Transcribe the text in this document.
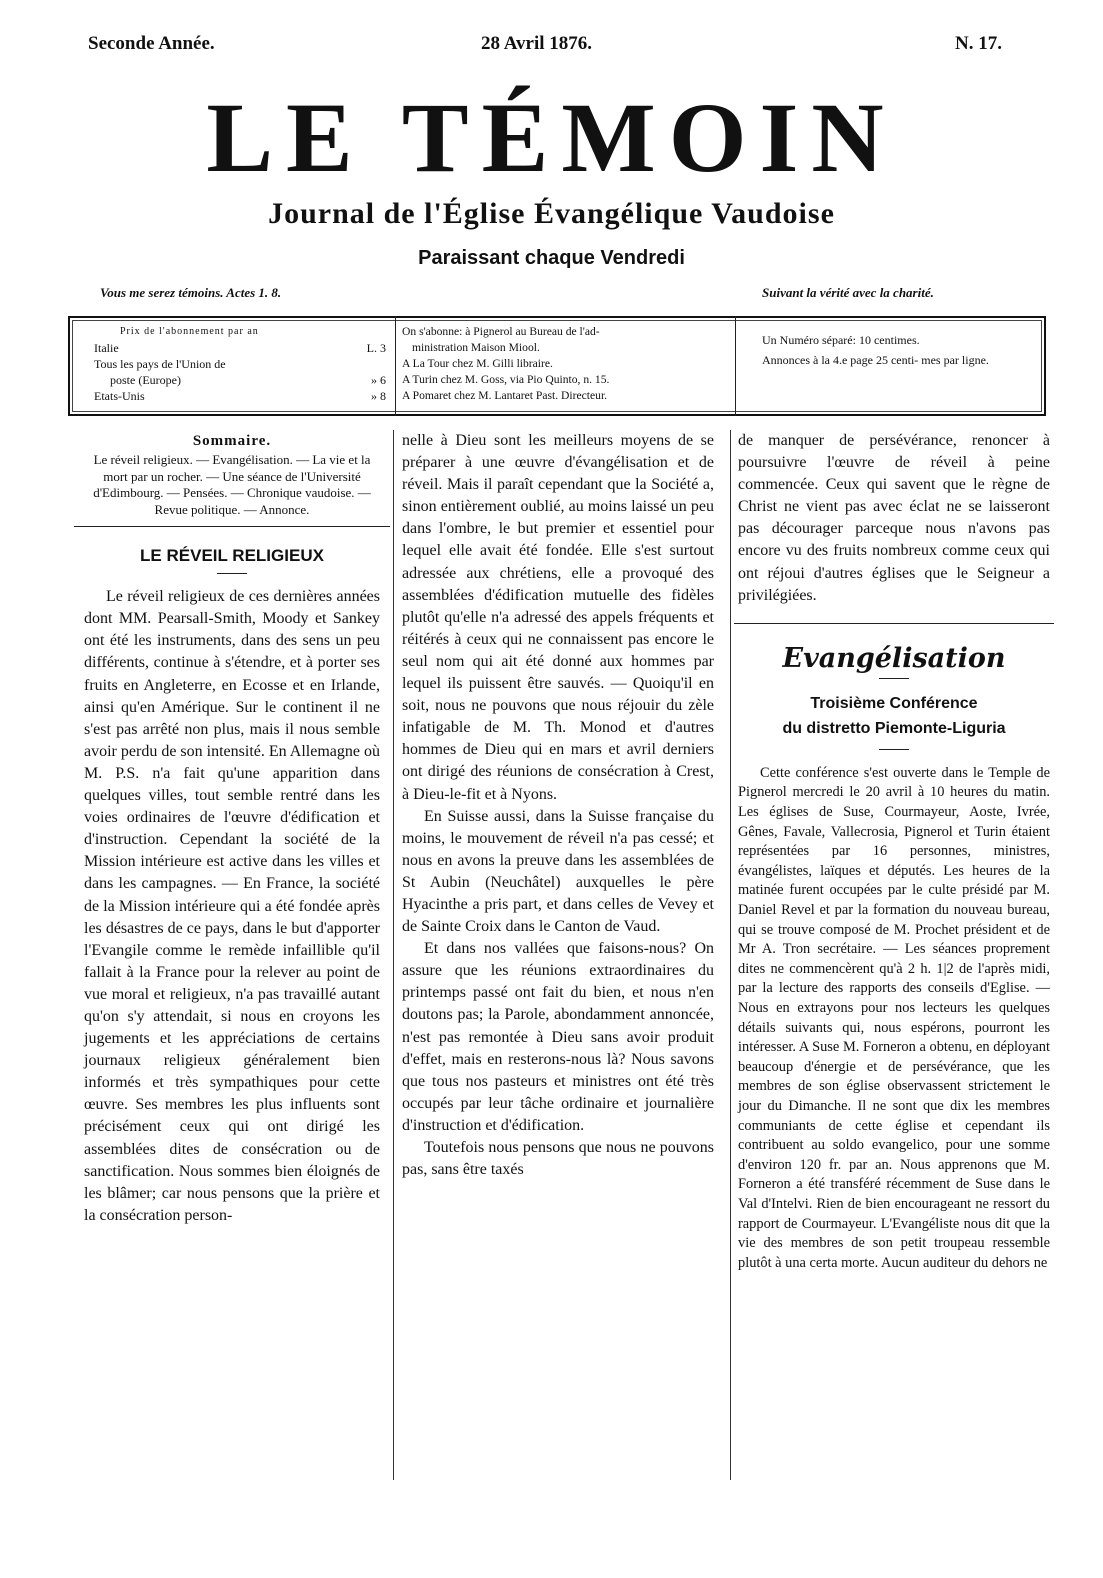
Seconde Année.	28 Avril 1876.	N. 17.
LE TÉMOIN
Journal de l'Église Évangélique Vaudoise
Paraissant chaque Vendredi
Vous me serez témoins. Actes 1. 8.	Suivant la vérité avec la charité.
Prix de l'abonnement par an
Italie	L. 3
Tous les pays de l'Union de
poste (Europe)	» 6
Etats-Unis	» 8
On s'abonne: à Pignerol au Bureau de l'ad-
ministration Maison Miool.
A La Tour chez M. Gilli libraire.
A Turin chez M. Goss, via Pio Quinto, n. 15.
A Pomaret chez M. Lantaret Past. Directeur.
Un Numéro séparé: 10 centimes.
Annonces à la 4.e page 25 centi- mes par ligne.
Sommaire.
Le réveil religieux. — Evangélisation. — La vie et la mort par un rocher. — Une séance de l'Université d'Edimbourg. — Pensées. — Chronique vaudoise. — Revue politique. — Annonce.
LE RÉVEIL RELIGIEUX

Le réveil religieux de ces dernières années dont MM. Pearsall-Smith, Moody et Sankey ont été les instruments, dans des sens un peu différents, continue à s'étendre, et à porter ses fruits en Angleterre, en Ecosse et en Irlande, ainsi qu'en Amérique. Sur le continent il ne s'est pas arrêté non plus, mais il nous semble avoir perdu de son intensité. En Allemagne où M. P.S. n'a fait qu'une apparition dans quelques villes, tout semble rentré dans les voies ordinaires de l'œuvre d'édification et d'instruction. Cependant la société de la Mission intérieure est active dans les villes et dans les campagnes. — En France, la société de la Mission intérieure qui a été fondée après les désastres de ce pays, dans le but d'apporter l'Evangile comme le remède infaillible qu'il fallait à la France pour la relever au point de vue moral et religieux, n'a pas travaillé autant qu'on s'y attendait, si nous en croyons les jugements et les appréciations de certains journaux religieux généralement bien informés et très sympathiques pour cette œuvre. Ses membres les plus influents sont précisément ceux qui ont dirigé les assemblées dites de consécration ou de sanctification. Nous sommes bien éloignés de les blâmer; car nous pensons que la prière et la consécration person-

nelle à Dieu sont les meilleurs moyens de se préparer à une œuvre d'évangélisation et de réveil. Mais il paraît cependant que la Société a, sinon entièrement oublié, au moins laissé un peu dans l'ombre, le but premier et essentiel pour lequel elle avait été fondée. Elle s'est surtout adressée aux chrétiens, elle a provoqué des assemblées d'édification mutuelle des fidèles plutôt qu'elle n'a adressé des appels fréquents et réitérés à ceux qui ne connaissent pas encore le seul nom qui ait été donné aux hommes par lequel ils puissent être sauvés. — Quoiqu'il en soit, nous ne pouvons que nous réjouir du zèle infatigable de M. Th. Monod et d'autres hommes de Dieu qui en mars et avril derniers ont dirigé des réunions de consécration à Crest, à Dieu-le-fit et à Nyons.

En Suisse aussi, dans la Suisse française du moins, le mouvement de réveil n'a pas cessé; et nous en avons la preuve dans les assemblées de St Aubin (Neuchâtel) auxquelles le père Hyacinthe a pris part, et dans celles de Vevey et de Sainte Croix dans le Canton de Vaud.

Et dans nos vallées que faisons-nous? On assure que les réunions extraordinaires du printemps passé ont fait du bien, et nous n'en doutons pas; la Parole, abondamment annoncée, n'est pas remontée à Dieu sans avoir produit d'effet, mais en resterons-nous là? Nous savons que tous nos pasteurs et ministres ont été très occupés par leur tâche ordinaire et journalière d'instruction et d'édification.

Toutefois nous pensons que nous ne pouvons pas, sans être taxés

de manquer de persévérance, renoncer à poursuivre l'œuvre de réveil à peine commencée. Ceux qui savent que le règne de Christ ne vient pas avec éclat ne se laisseront pas décourager parceque nous n'avons pas encore vu des fruits nombreux comme ceux qui ont réjoui d'autres églises que le Seigneur a privilégiées.

Evangélisation
Troisième Conférence
du distretto Piemonte-Liguria

Cette conférence s'est ouverte dans le Temple de Pignerol mercredi le 20 avril à 10 heures du matin. Les églises de Suse, Courmayeur, Aoste, Ivrée, Gênes, Favale, Vallecrosia, Pignerol et Turin étaient représentées par 16 personnes, ministres, évangélistes, laïques et députés. Les heures de la matinée furent occupées par le culte présidé par M. Daniel Revel et par la formation du nouveau bureau, qui se trouve composé de M. Prochet président et de Mr A. Tron secrétaire. — Les séances proprement dites ne commencèrent qu'à 2 h. 1|2 de l'après midi, par la lecture des rapports des conseils d'Eglise. — Nous en extrayons pour nos lecteurs les quelques détails suivants qui, nous espérons, pourront les intéresser. A Suse M. Forneron a obtenu, en déployant beaucoup d'énergie et de persévérance, que les membres de son église observassent strictement le jour du Dimanche. Il ne sont que dix les membres communiants de cette église et cependant ils contribuent au soldo evangelico, pour une somme d'environ 120 fr. par an. Nous apprenons que M. Forneron a été transféré récemment de Suse dans le Val d'Intelvi. Rien de bien encourageant ne ressort du rapport de Courmayeur. L'Evangéliste nous dit que la vie des membres de son petit troupeau ressemble plutôt à una certa morte. Aucun auditeur du dehors ne
